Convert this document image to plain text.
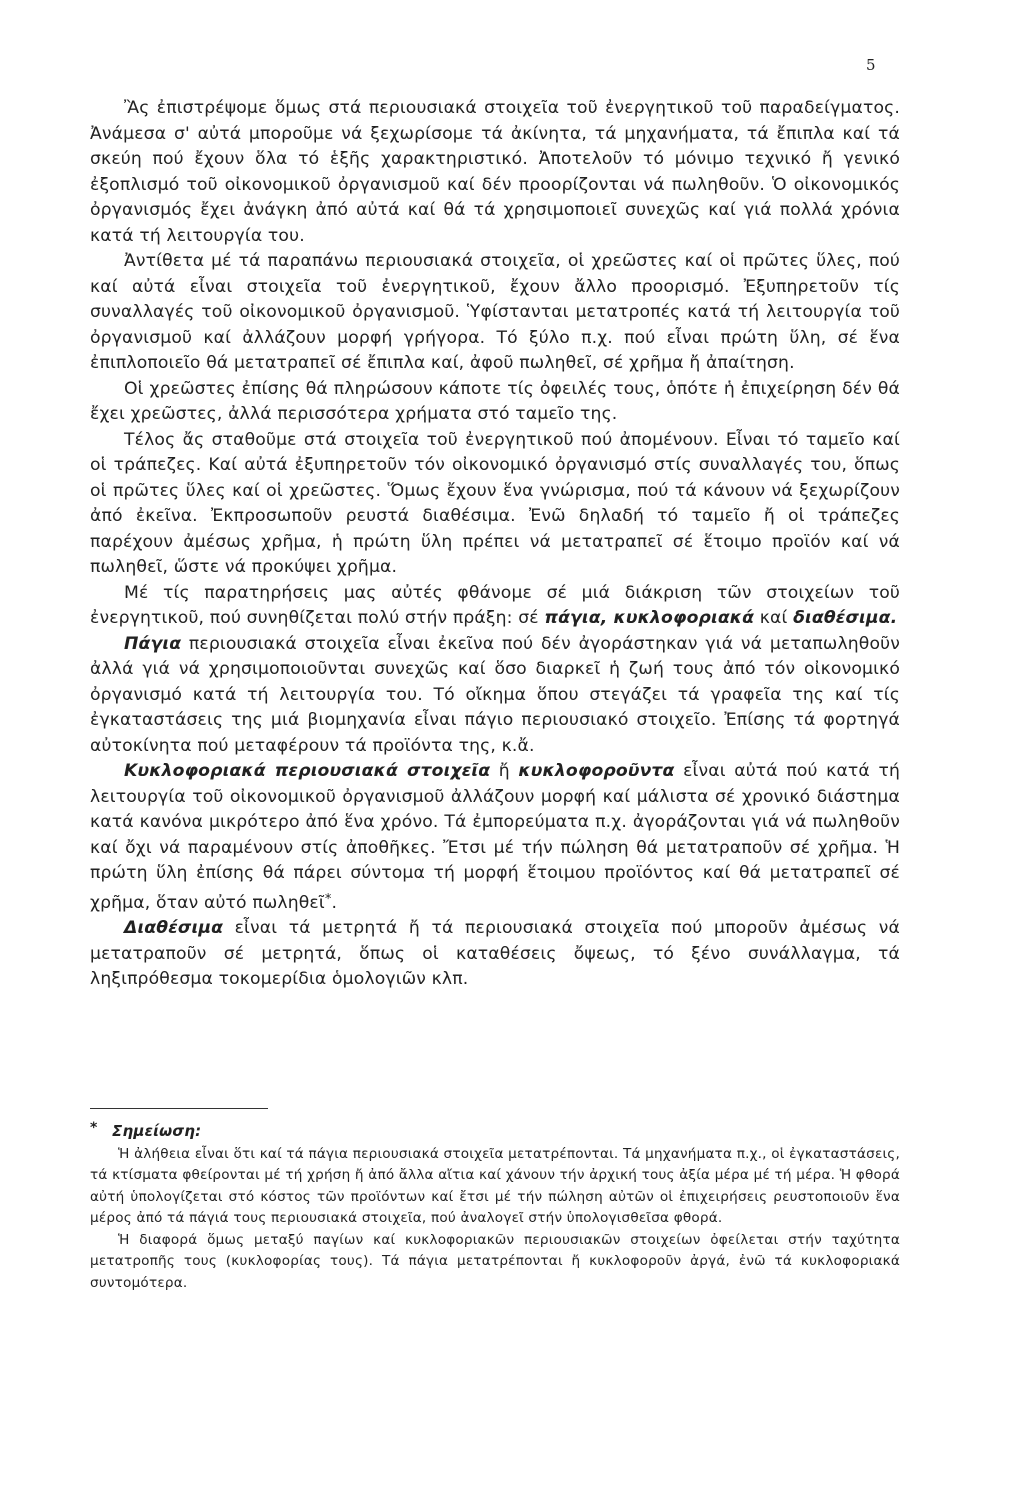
5

Ἂς ἐπιστρέψομε ὅμως στά περιουσιακά στοιχεῖα τοῦ ἐνεργητικοῦ τοῦ παραδείγματος. Ἀνάμεσα σ' αὐτά μποροῦμε νά ξεχωρίσομε τά ἀκίνητα, τά μηχανήματα, τά ἔπιπλα καί τά σκεύη πού ἔχουν ὅλα τό ἑξῆς χαρακτηριστικό. Ἀποτελοῦν τό μόνιμο τεχνικό ἤ γενικό ἐξοπλισμό τοῦ οἰκονομικοῦ ὀργανισμοῦ καί δέν προορίζονται νά πωληθοῦν. Ὁ οἰκονομικός ὀργανισμός ἔχει ἀνάγκη ἀπό αὐτά καί θά τά χρησιμοποιεῖ συνεχῶς καί γιά πολλά χρόνια κατά τή λειτουργία του.

Ἀντίθετα μέ τά παραπάνω περιουσιακά στοιχεῖα, οἱ χρεῶστες καί οἱ πρῶτες ὕλες, πού καί αὐτά εἶναι στοιχεῖα τοῦ ἐνεργητικοῦ, ἔχουν ἄλλο προορισμό. Ἐξυπηρετοῦν τίς συναλλαγές τοῦ οἰκονομικοῦ ὀργανισμοῦ. Ὑφίστανται μετατροπές κατά τή λειτουργία τοῦ ὀργανισμοῦ καί ἀλλάζουν μορφή γρήγορα. Τό ξύλο π.χ. πού εἶναι πρώτη ὕλη, σέ ἕνα ἐπιπλοποιεῖο θά μετατραπεῖ σέ ἔπιπλα καί, ἀφοῦ πωληθεῖ, σέ χρῆμα ἤ ἀπαίτηση.

Οἱ χρεῶστες ἐπίσης θά πληρώσουν κάποτε τίς ὀφειλές τους, ὁπότε ἡ ἐπιχείρηση δέν θά ἔχει χρεῶστες, ἀλλά περισσότερα χρήματα στό ταμεῖο της.

Τέλος ἄς σταθοῦμε στά στοιχεῖα τοῦ ἐνεργητικοῦ πού ἀπομένουν. Εἶναι τό ταμεῖο καί οἱ τράπεζες. Καί αὐτά ἐξυπηρετοῦν τόν οἰκονομικό ὀργανισμό στίς συναλλαγές του, ὅπως οἱ πρῶτες ὕλες καί οἱ χρεῶστες. Ὅμως ἔχουν ἕνα γνώρισμα, πού τά κάνουν νά ξεχωρίζουν ἀπό ἐκεῖνα. Ἐκπροσωποῦν ρευστά διαθέσιμα. Ἐνῶ δηλαδή τό ταμεῖο ἤ οἱ τράπεζες παρέχουν ἀμέσως χρῆμα, ἡ πρώτη ὕλη πρέπει νά μετατραπεῖ σέ ἕτοιμο προϊόν καί νά πωληθεῖ, ὥστε νά προκύψει χρῆμα.

Μέ τίς παρατηρήσεις μας αὐτές φθάνομε σέ μιά διάκριση τῶν στοιχείων τοῦ ἐνεργητικοῦ, πού συνηθίζεται πολύ στήν πράξη: σέ πάγια, κυκλοφοριακά καί διαθέσιμα.

Πάγια περιουσιακά στοιχεῖα εἶναι ἐκεῖνα πού δέν ἀγοράστηκαν γιά νά μεταπωληθοῦν ἀλλά γιά νά χρησιμοποιοῦνται συνεχῶς καί ὅσο διαρκεῖ ἡ ζωή τους ἀπό τόν οἰκονομικό ὀργανισμό κατά τή λειτουργία του. Τό οἴκημα ὅπου στεγάζει τά γραφεῖα της καί τίς ἐγκαταστάσεις της μιά βιομηχανία εἶναι πάγιο περιουσιακό στοιχεῖο. Ἐπίσης τά φορτηγά αὐτοκίνητα πού μεταφέρουν τά προϊόντα της, κ.ἄ.

Κυκλοφοριακά περιουσιακά στοιχεῖα ἤ κυκλοφοροῦντα εἶναι αὐτά πού κατά τή λειτουργία τοῦ οἰκονομικοῦ ὀργανισμοῦ ἀλλάζουν μορφή καί μάλιστα σέ χρονικό διάστημα κατά κανόνα μικρότερο ἀπό ἕνα χρόνο. Τά ἐμπορεύματα π.χ. ἀγοράζονται γιά νά πωληθοῦν καί ὄχι νά παραμένουν στίς ἀποθῆκες. Ἔτσι μέ τήν πώληση θά μετατραποῦν σέ χρῆμα. Ἡ πρώτη ὕλη ἐπίσης θά πάρει σύντομα τή μορφή ἕτοιμου προϊόντος καί θά μετατραπεῖ σέ χρῆμα, ὅταν αὐτό πωληθεῖ*.

Διαθέσιμα εἶναι τά μετρητά ἤ τά περιουσιακά στοιχεῖα πού μποροῦν ἀμέσως νά μετατραποῦν σέ μετρητά, ὅπως οἱ καταθέσεις ὄψεως, τό ξένο συνάλλαγμα, τά ληξιπρόθεσμα τοκομερίδια ὁμολογιῶν κλπ.

* Σημείωση:

Ἡ ἀλήθεια εἶναι ὅτι καί τά πάγια περιουσιακά στοιχεῖα μετατρέπονται. Τά μηχανήματα π.χ., οἱ ἐγκαταστάσεις, τά κτίσματα φθείρονται μέ τή χρήση ἤ ἀπό ἄλλα αἴτια καί χάνουν τήν ἀρχική τους ἀξία μέρα μέ τή μέρα. Ἡ φθορά αὐτή ὑπολογίζεται στό κόστος τῶν προϊόντων καί ἔτσι μέ τήν πώληση αὐτῶν οἱ ἐπιχειρήσεις ρευστοποιοῦν ἕνα μέρος ἀπό τά πάγιά τους περιουσιακά στοιχεῖα, πού ἀναλογεῖ στήν ὑπολογισθεῖσα φθορά.

Ἡ διαφορά ὅμως μεταξύ παγίων καί κυκλοφοριακῶν περιουσιακῶν στοιχείων ὀφείλεται στήν ταχύτητα μετατροπῆς τους (κυκλοφορίας τους). Τά πάγια μετατρέπονται ἤ κυκλοφοροῦν ἀργά, ἐνῶ τά κυκλοφοριακά συντομότερα.
